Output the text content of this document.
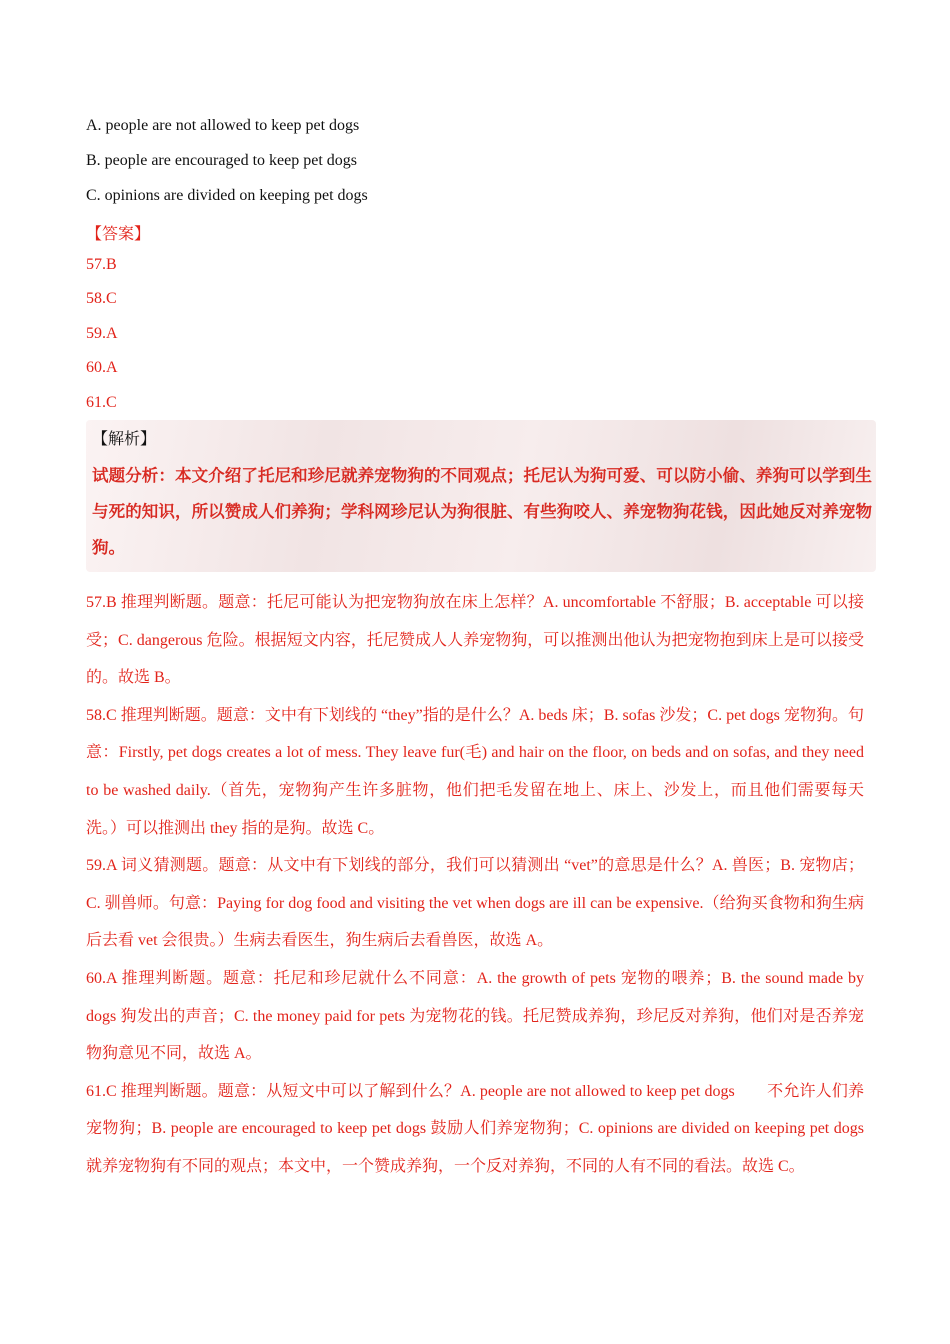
A. people are not allowed to keep pet dogs
B. people are encouraged to keep pet dogs
C. opinions are divided on keeping pet dogs
【答案】
57.B
58.C
59.A
60.A
61.C
【解析】
试题分析：本文介绍了托尼和珍尼就养宠物狗的不同观点；托尼认为狗可爱、可以防小偷、养狗可以学到生与死的知识，所以赞成人们养狗；学科网珍尼认为狗很脏、有些狗咬人、养宠物狗花钱，因此她反对养宠物狗。

57.B 推理判断题。题意：托尼可能认为把宠物狗放在床上怎样？A. uncomfortable 不舒服；B. acceptable 可以接受；C. dangerous 危险。根据短文内容，托尼赞成人人养宠物狗，可以推测出他认为把宠物抱到床上是可以接受的。故选 B。

58.C 推理判断题。题意：文中有下划线的 “they”指的是什么？A. beds 床；B. sofas 沙发；C. pet dogs 宠物狗。句意：Firstly, pet dogs creates a lot of mess. They leave fur(毛) and hair on the floor, on beds and on sofas, and they need to be washed daily.（首先，宠物狗产生许多脏物，他们把毛发留在地上、床上、沙发上，而且他们需要每天洗。）可以推测出 they 指的是狗。故选 C。

59.A 词义猜测题。题意：从文中有下划线的部分，我们可以猜测出 “vet”的意思是什么？A. 兽医；B. 宠物店；C. 驯兽师。句意：Paying for dog food and visiting the vet when dogs are ill can be expensive.（给狗买食物和狗生病后去看 vet 会很贵。）生病去看医生，狗生病后去看兽医，故选 A。

60.A 推理判断题。题意：托尼和珍尼就什么不同意：A. the growth of pets 宠物的喂养；B. the sound made by dogs 狗发出的声音；C. the money paid for pets 为宠物花的钱。托尼赞成养狗，珍尼反对养狗，他们对是否养宠物狗意见不同，故选 A。

61.C 推理判断题。题意：从短文中可以了解到什么？A. people are not allowed to keep pet dogs　　不允许人们养宠物狗；B. people are encouraged to keep pet dogs 鼓励人们养宠物狗；C. opinions are divided on keeping pet dogs 就养宠物狗有不同的观点；本文中，一个赞成养狗，一个反对养狗，不同的人有不同的看法。故选 C。
